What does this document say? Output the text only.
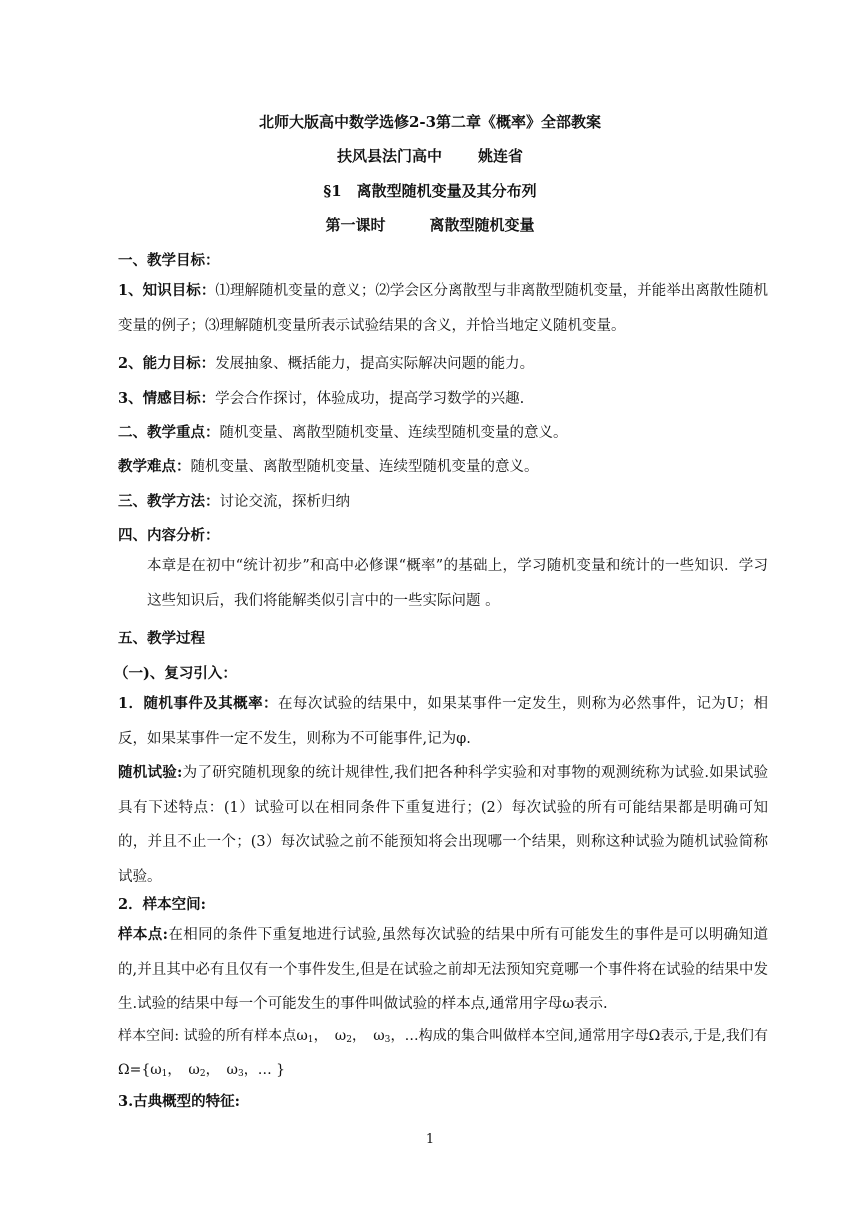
北师大版高中数学选修2-3第二章《概率》全部教案
扶风县法门高中 姚连省
§1　离散型随机变量及其分布列
第一课时	离散型随机变量
一、教学目标：
1、知识目标：⑴理解随机变量的意义；⑵学会区分离散型与非离散型随机变量，并能举出离散性随机变量的例子；⑶理解随机变量所表示试验结果的含义，并恰当地定义随机变量。
2、能力目标：发展抽象、概括能力，提高实际解决问题的能力。
3、情感目标：学会合作探讨，体验成功，提高学习数学的兴趣.
二、教学重点：随机变量、离散型随机变量、连续型随机变量的意义。
教学难点：随机变量、离散型随机变量、连续型随机变量的意义。
三、教学方法：讨论交流，探析归纳
四、内容分析：
本章是在初中“统计初步”和高中必修课“概率”的基础上，学习随机变量和统计的一些知识．学习这些知识后，我们将能解类似引言中的一些实际问题 。
五、教学过程
（一)、复习引入：
1．随机事件及其概率：在每次试验的结果中，如果某事件一定发生，则称为必然事件，记为U；相反，如果某事件一定不发生，则称为不可能事件,记为φ.
随机试验:为了研究随机现象的统计规律性,我们把各种科学实验和对事物的观测统称为试验.如果试验具有下述特点：(1）试验可以在相同条件下重复进行；(2）每次试验的所有可能结果都是明确可知的，并且不止一个；(3）每次试验之前不能预知将会出现哪一个结果，则称这种试验为随机试验简称试验。
2．样本空间:
样本点:在相同的条件下重复地进行试验,虽然每次试验的结果中所有可能发生的事件是可以明确知道的,并且其中必有且仅有一个事件发生,但是在试验之前却无法预知究竟哪一个事件将在试验的结果中发生.试验的结果中每一个可能发生的事件叫做试验的样本点,通常用字母ω表示.
样本空间: 试验的所有样本点$\omega_1$，　$\omega_2$，　$\omega_3$，…构成的集合叫做样本空间,通常用字母Ω表示,于是,我们有　$\Omega=\{\omega_1$，　$\omega_2$，　$\omega_3$，… }
3.古典概型的特征:
1
